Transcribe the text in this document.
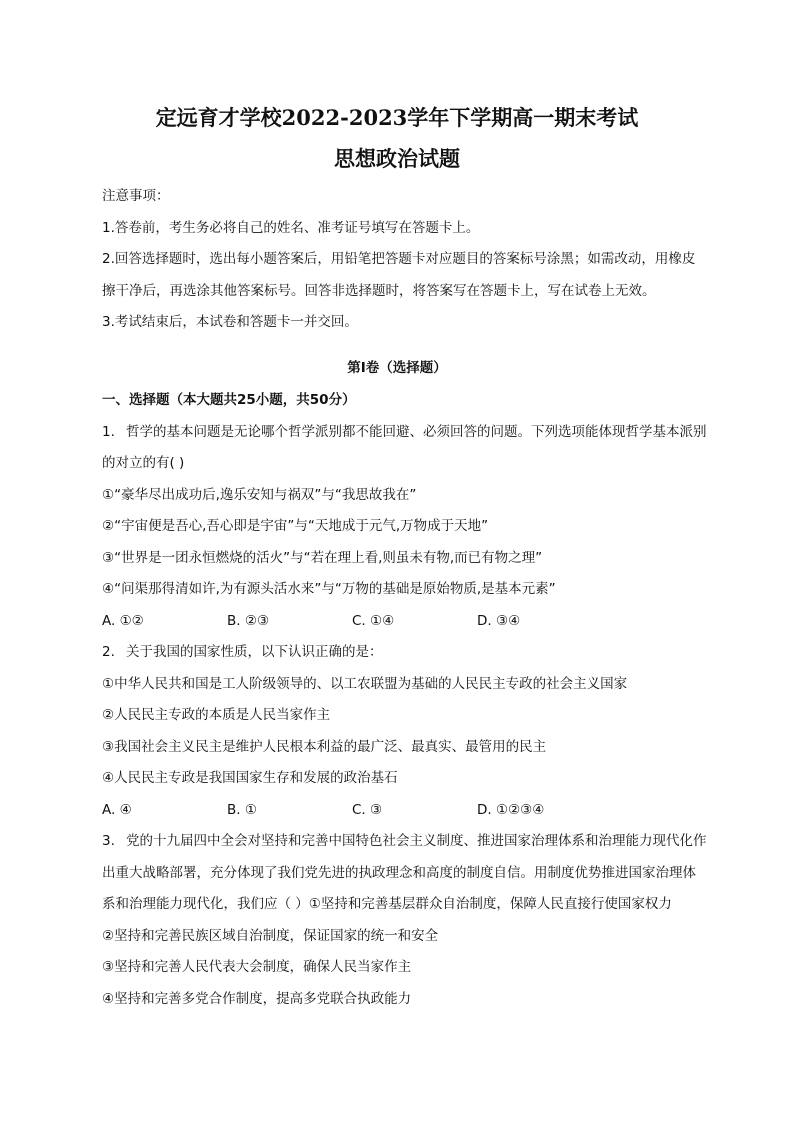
定远育才学校2022-2023学年下学期高一期末考试
思想政治试题

注意事项：

1.答卷前，考生务必将自己的姓名、准考证号填写在答题卡上。

2.回答选择题时，选出每小题答案后，用铅笔把答题卡对应题目的答案标号涂黑；如需改动，用橡皮

擦干净后，再选涂其他答案标号。回答非选择题时，将答案写在答题卡上，写在试卷上无效。

3.考试结束后，本试卷和答题卡一并交回。

第Ⅰ卷（选择题）

一、选择题（本大题共25小题，共50分）

1. 哲学的基本问题是无论哪个哲学派别都不能回避、必须回答的问题。下列选项能体现哲学基本派别

的对立的有( )

①“豪华尽出成功后,逸乐安知与祸双”与“我思故我在”

②“宇宙便是吾心,吾心即是宇宙”与“天地成于元气,万物成于天地”

③“世界是一团永恒燃烧的活火”与“若在理上看,则虽未有物,而已有物之理”

④“问渠那得清如许,为有源头活水来”与“万物的基础是原始物质,是基本元素”

A. ①②	B. ②③	C. ①④	D. ③④

2. 关于我国的国家性质，以下认识正确的是：

①中华人民共和国是工人阶级领导的、以工农联盟为基础的人民民主专政的社会主义国家

②人民民主专政的本质是人民当家作主

③我国社会主义民主是维护人民根本利益的最广泛、最真实、最管用的民主

④人民民主专政是我国国家生存和发展的政治基石

A. ④	B. ①	C. ③	D. ①②③④

3. 党的十九届四中全会对坚持和完善中国特色社会主义制度、推进国家治理体系和治理能力现代化作

出重大战略部署，充分体现了我们党先进的执政理念和高度的制度自信。用制度优势推进国家治理体

系和治理能力现代化，我们应（ ）①坚持和完善基层群众自治制度，保障人民直接行使国家权力

②坚持和完善民族区域自治制度，保证国家的统一和安全

③坚持和完善人民代表大会制度，确保人民当家作主

④坚持和完善多党合作制度，提高多党联合执政能力
